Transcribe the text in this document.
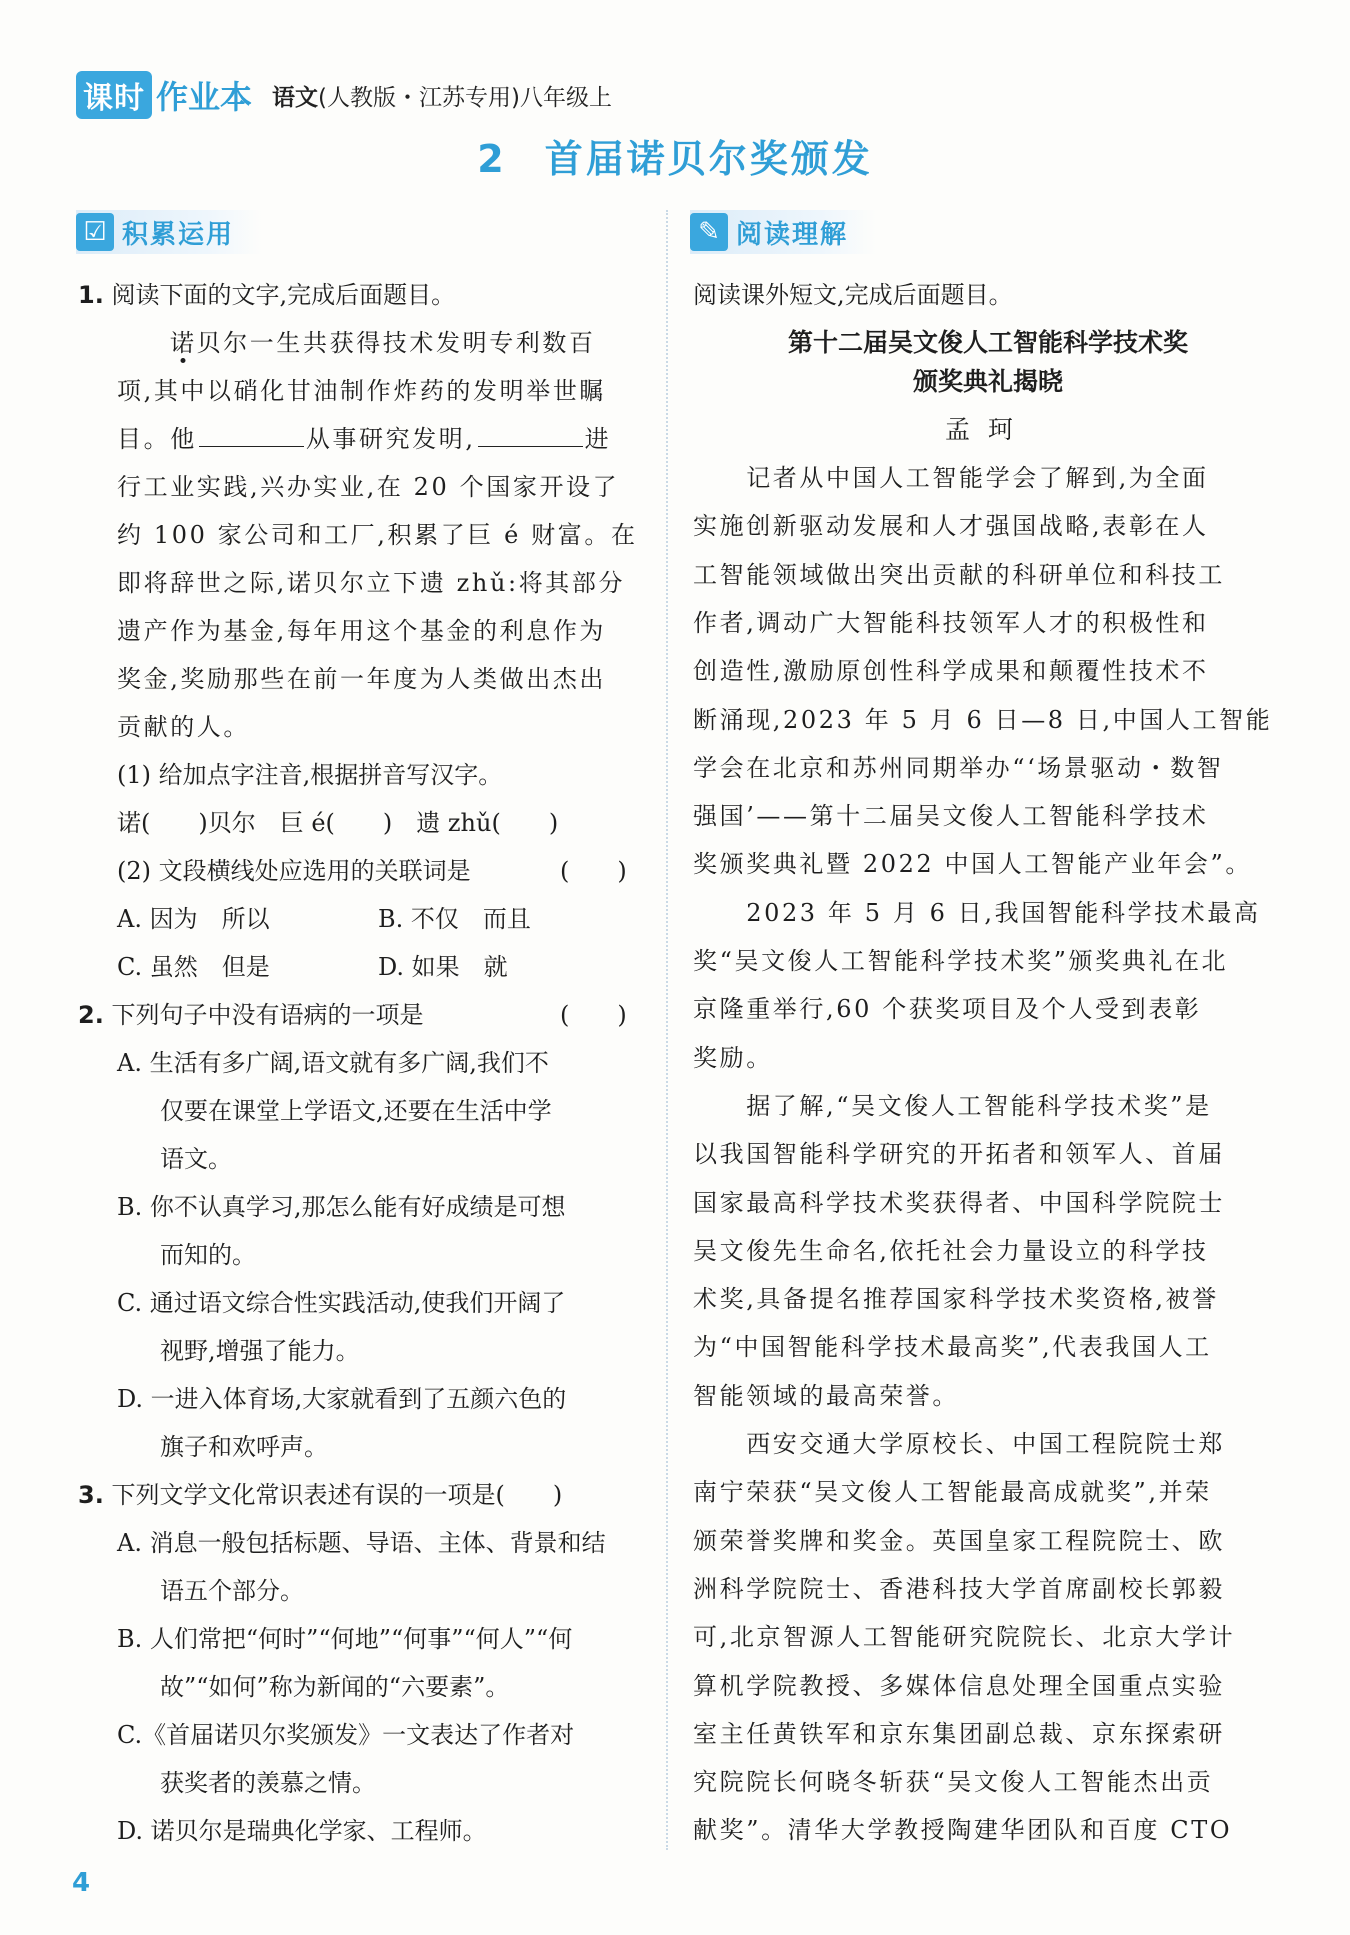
课时 作业本 语文(人教版・江苏专用)八年级上
2 首届诺贝尔奖颁发
☑ 积累运用	✎ 阅读理解
1. 阅读下面的文字,完成后面题目。
诺贝尔一生共获得技术发明专利数百
项,其中以硝化甘油制作炸药的发明举世瞩
目。他	从事研究发明,	进
行工业实践,兴办实业,在 20 个国家开设了
约 100 家公司和工厂,积累了巨 é 财富。在
即将辞世之际,诺贝尔立下遗 zhǔ:将其部分
遗产作为基金,每年用这个基金的利息作为
奖金,奖励那些在前一年度为人类做出杰出
贡献的人。
(1) 给加点字注音,根据拼音写汉字。
诺(　　)贝尔　巨 é(　　)　遗 zhǔ(　　)
(2) 文段横线处应选用的关联词是	(　　)
A. 因为　所以	B. 不仅　而且
C. 虽然　但是	D. 如果　就
2. 下列句子中没有语病的一项是	(　　)
A. 生活有多广阔,语文就有多广阔,我们不
仅要在课堂上学语文,还要在生活中学
语文。
B. 你不认真学习,那怎么能有好成绩是可想
而知的。
C. 通过语文综合性实践活动,使我们开阔了
视野,增强了能力。
D. 一进入体育场,大家就看到了五颜六色的
旗子和欢呼声。
3. 下列文学文化常识表述有误的一项是(　　)
A. 消息一般包括标题、导语、主体、背景和结
语五个部分。
B. 人们常把“何时”“何地”“何事”“何人”“何
故”“如何”称为新闻的“六要素”。
C.《首届诺贝尔奖颁发》一文表达了作者对
获奖者的羡慕之情。
D. 诺贝尔是瑞典化学家、工程师。
阅读课外短文,完成后面题目。
第十二届吴文俊人工智能科学技术奖
颁奖典礼揭晓
孟珂
　　记者从中国人工智能学会了解到,为全面
实施创新驱动发展和人才强国战略,表彰在人
工智能领域做出突出贡献的科研单位和科技工
作者,调动广大智能科技领军人才的积极性和
创造性,激励原创性科学成果和颠覆性技术不
断涌现,2023 年 5 月 6 日—8 日,中国人工智能
学会在北京和苏州同期举办“‘场景驱动・数智
强国’——第十二届吴文俊人工智能科学技术
奖颁奖典礼暨 2022 中国人工智能产业年会”。
　　2023 年 5 月 6 日,我国智能科学技术最高
奖“吴文俊人工智能科学技术奖”颁奖典礼在北
京隆重举行,60 个获奖项目及个人受到表彰
奖励。
　　据了解,“吴文俊人工智能科学技术奖”是
以我国智能科学研究的开拓者和领军人、首届
国家最高科学技术奖获得者、中国科学院院士
吴文俊先生命名,依托社会力量设立的科学技
术奖,具备提名推荐国家科学技术奖资格,被誉
为“中国智能科学技术最高奖”,代表我国人工
智能领域的最高荣誉。
　　西安交通大学原校长、中国工程院院士郑
南宁荣获“吴文俊人工智能最高成就奖”,并荣
颁荣誉奖牌和奖金。英国皇家工程院院士、欧
洲科学院院士、香港科技大学首席副校长郭毅
可,北京智源人工智能研究院院长、北京大学计
算机学院教授、多媒体信息处理全国重点实验
室主任黄铁军和京东集团副总裁、京东探索研
究院院长何晓冬斩获“吴文俊人工智能杰出贡
献奖”。清华大学教授陶建华团队和百度 CTO
4
